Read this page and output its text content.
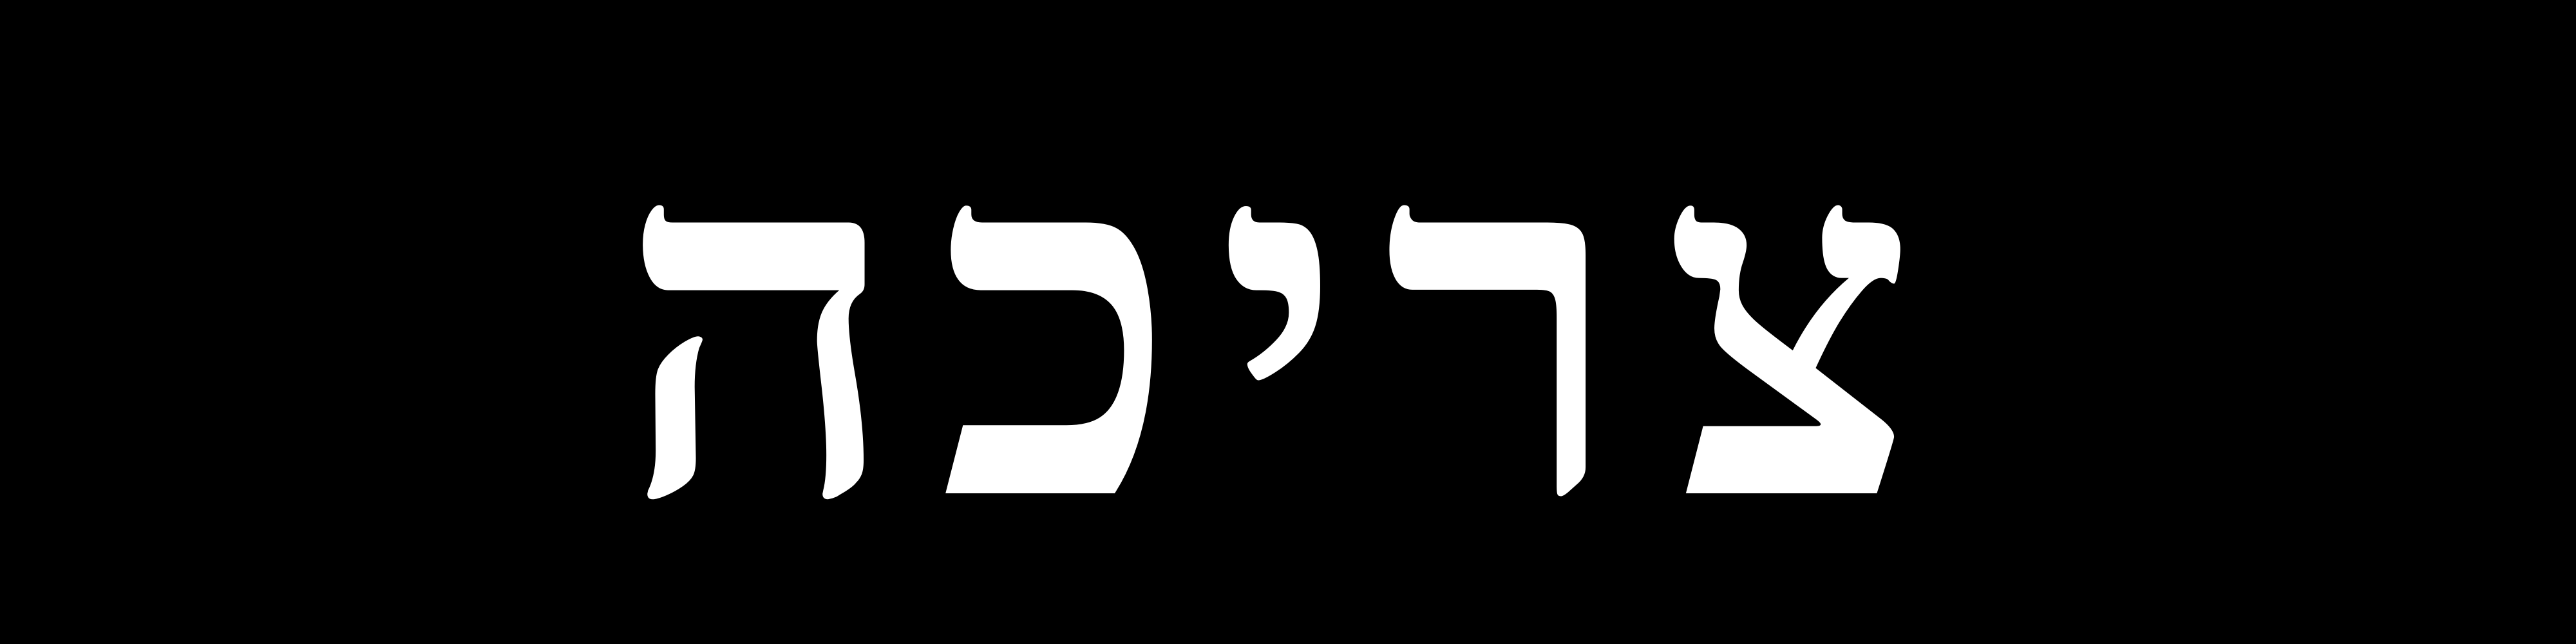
צריכה
